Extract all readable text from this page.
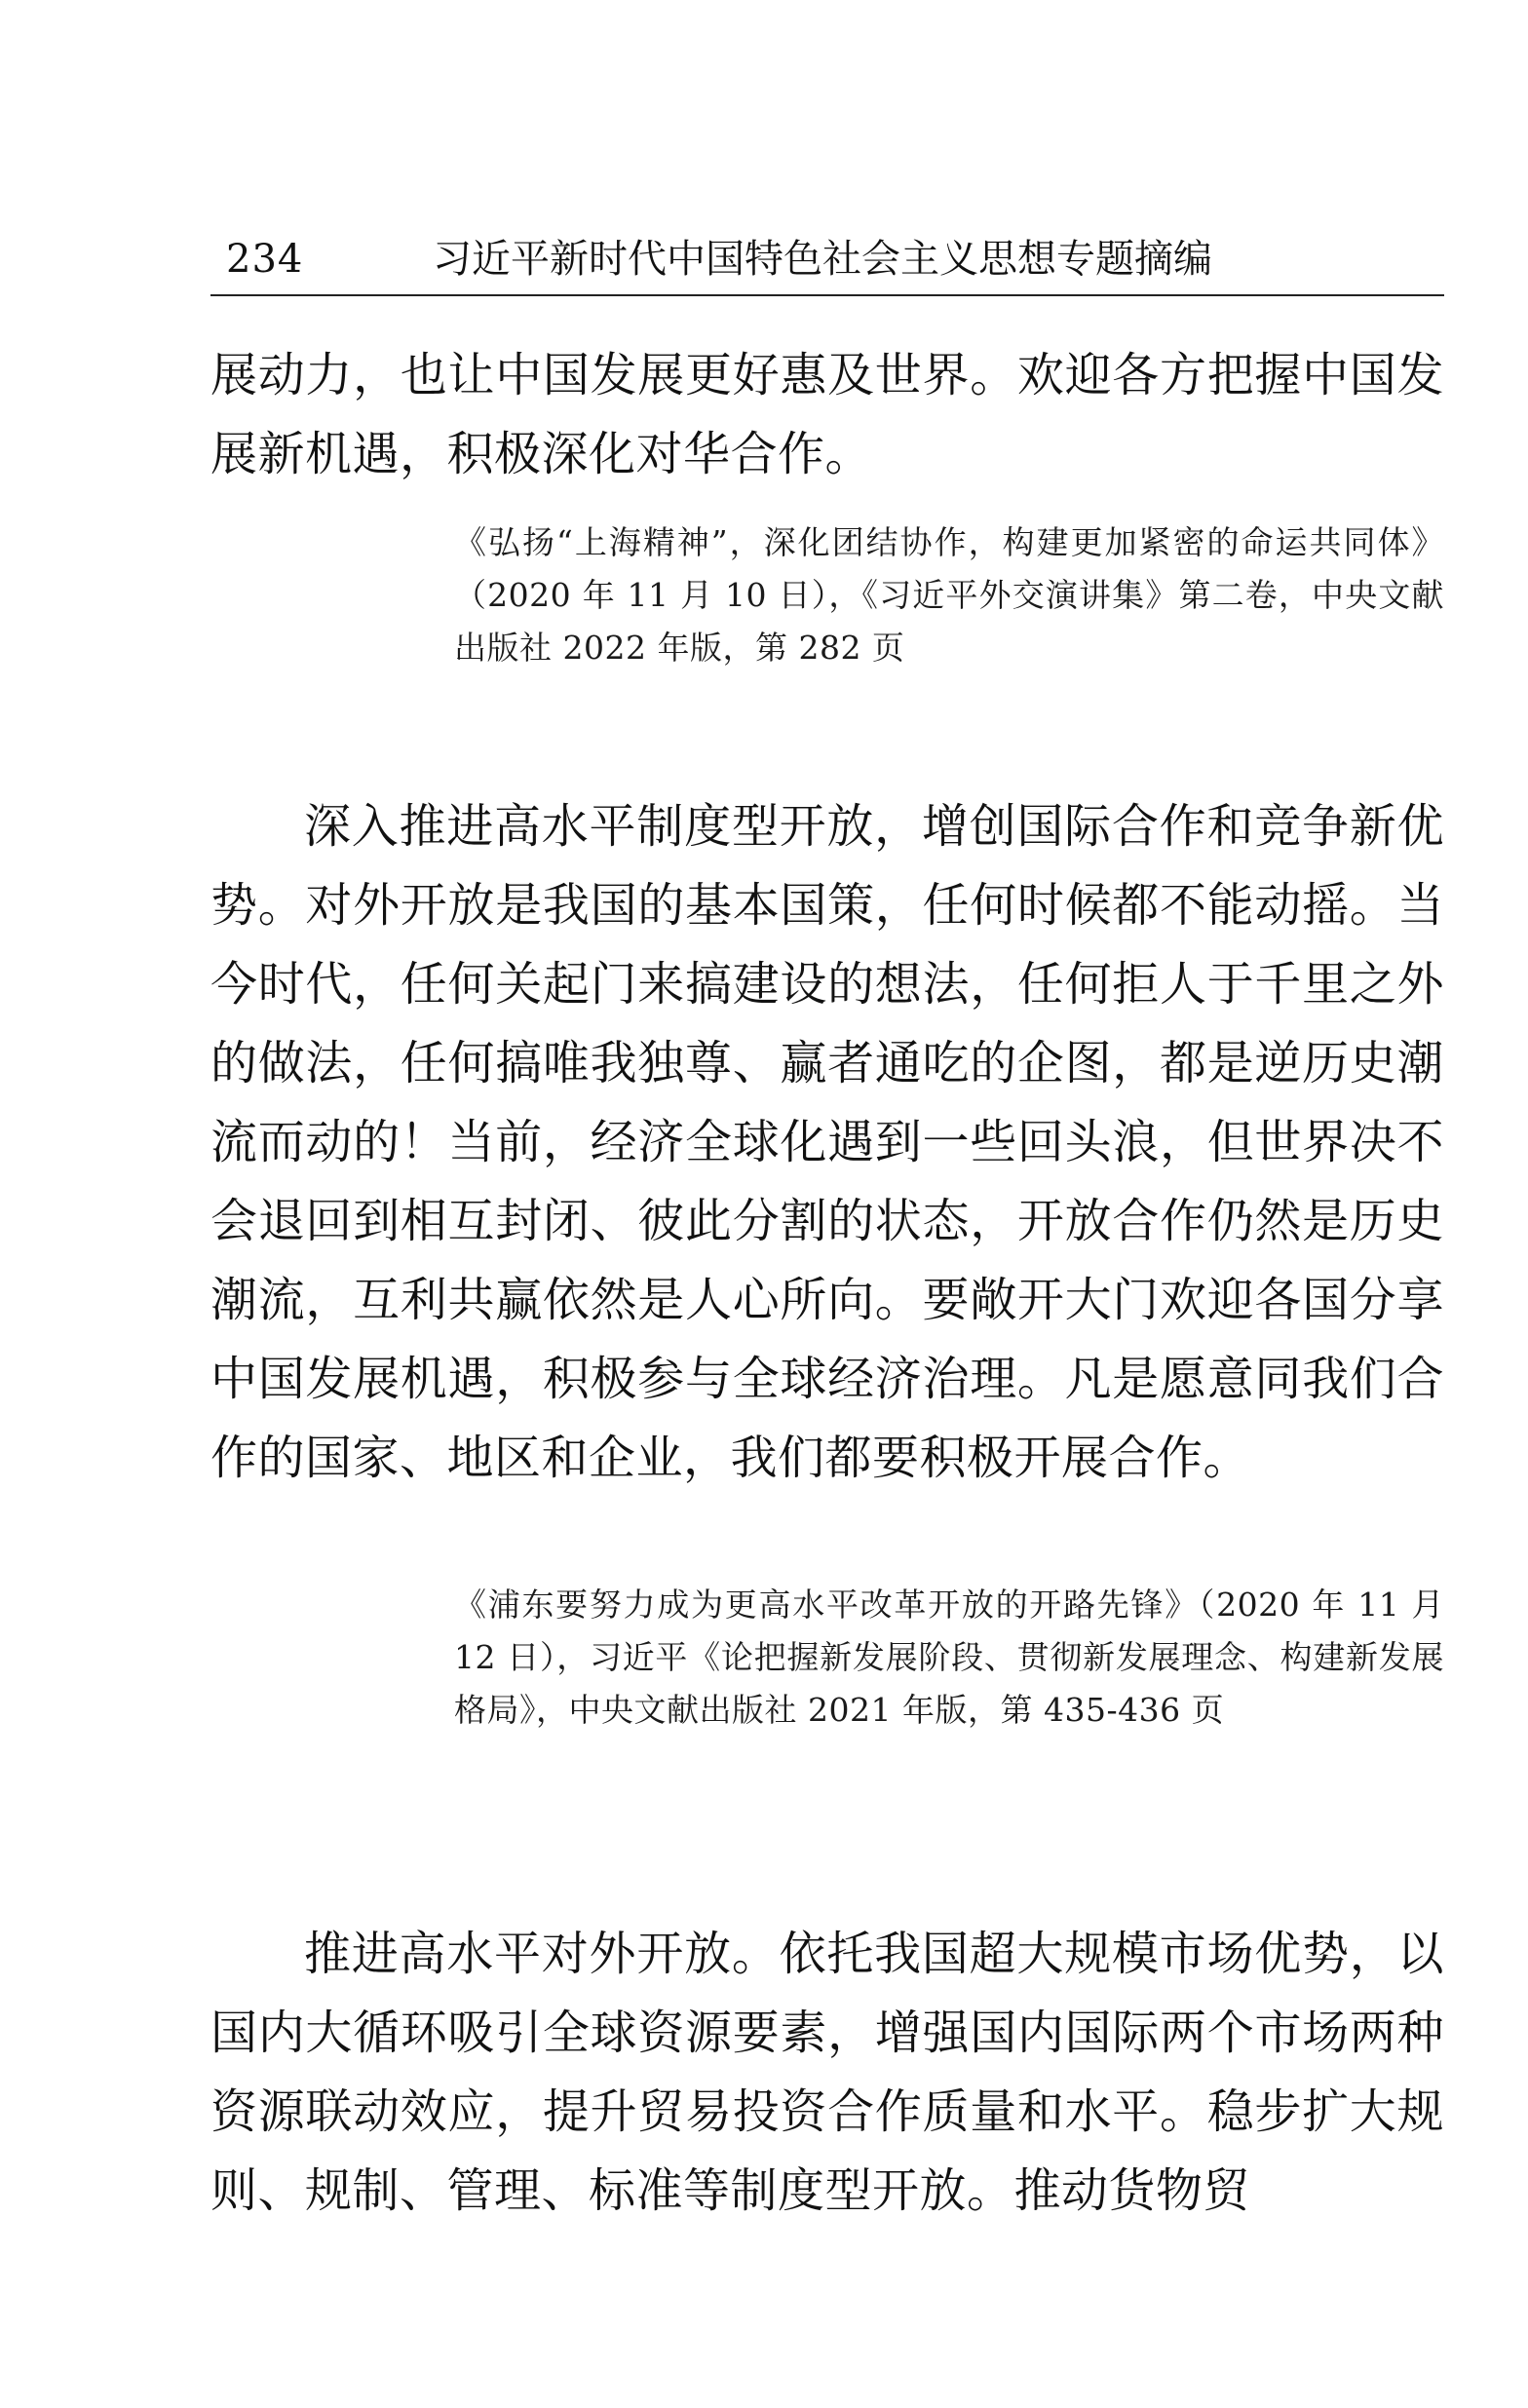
234	习近平新时代中国特色社会主义思想专题摘编

展动力，也让中国发展更好惠及世界。欢迎各方把握中国发展新机遇，积极深化对华合作。

《弘扬“上海精神”，深化团结协作，构建更加紧密的命运共同体》（2020 年 11 月 10 日），《习近平外交演讲集》第二卷，中央文献出版社 2022 年版，第 282 页

深入推进高水平制度型开放，增创国际合作和竞争新优势。对外开放是我国的基本国策，任何时候都不能动摇。当今时代，任何关起门来搞建设的想法，任何拒人于千里之外的做法，任何搞唯我独尊、赢者通吃的企图，都是逆历史潮流而动的！当前，经济全球化遇到一些回头浪，但世界决不会退回到相互封闭、彼此分割的状态，开放合作仍然是历史潮流，互利共赢依然是人心所向。要敞开大门欢迎各国分享中国发展机遇，积极参与全球经济治理。凡是愿意同我们合作的国家、地区和企业，我们都要积极开展合作。

《浦东要努力成为更高水平改革开放的开路先锋》（2020 年 11 月 12 日），习近平《论把握新发展阶段、贯彻新发展理念、构建新发展格局》，中央文献出版社 2021 年版，第 435-436 页

推进高水平对外开放。依托我国超大规模市场优势，以国内大循环吸引全球资源要素，增强国内国际两个市场两种资源联动效应，提升贸易投资合作质量和水平。稳步扩大规则、规制、管理、标准等制度型开放。推动货物贸
